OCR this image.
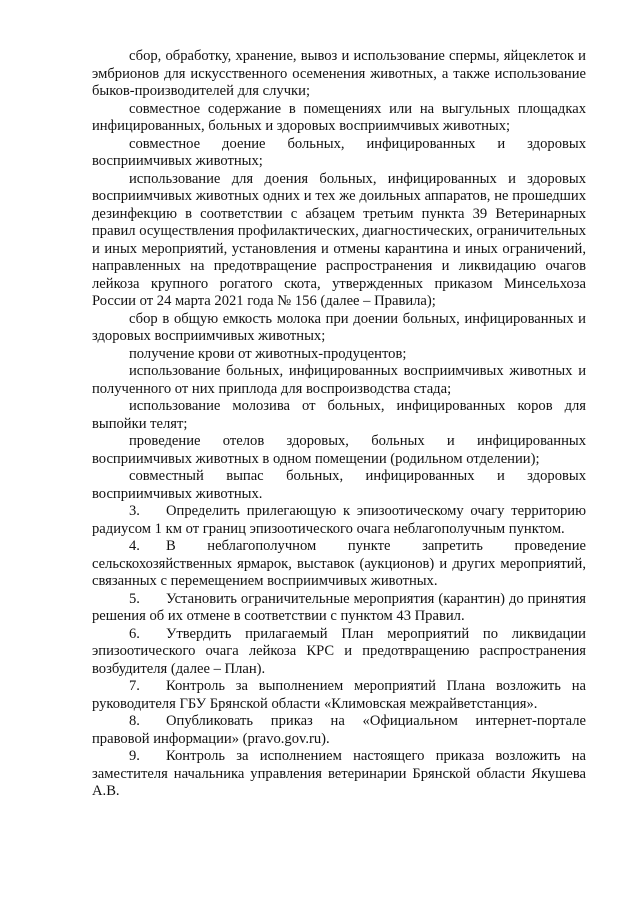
сбор, обработку, хранение, вывоз и использование спермы, яйцеклеток и эмбрионов для искусственного осеменения животных, а также использование быков-производителей для случки;

совместное содержание в помещениях или на выгульных площадках инфицированных, больных и здоровых восприимчивых животных;

совместное доение больных, инфицированных и здоровых восприимчивых животных;

использование для доения больных, инфицированных и здоровых восприимчивых животных одних и тех же доильных аппаратов, не прошедших дезинфекцию в соответствии с абзацем третьим пункта 39 Ветеринарных правил осуществления профилактических, диагностических, ограничительных и иных мероприятий, установления и отмены карантина и иных ограничений, направленных на предотвращение распространения и ликвидацию очагов лейкоза крупного рогатого скота, утвержденных приказом Минсельхоза России от 24 марта 2021 года № 156 (далее – Правила);

сбор в общую емкость молока при доении больных, инфицированных и здоровых восприимчивых животных;

получение крови от животных-продуцентов;

использование больных, инфицированных восприимчивых животных и полученного от них приплода для воспроизводства стада;

использование молозива от больных, инфицированных коров для выпойки телят;

проведение отелов здоровых, больных и инфицированных восприимчивых животных в одном помещении (родильном отделении);

совместный выпас больных, инфицированных и здоровых восприимчивых животных.

3. Определить прилегающую к эпизоотическому очагу территорию радиусом 1 км от границ эпизоотического очага неблагополучным пунктом.

4. В неблагополучном пункте запретить проведение сельскохозяйственных ярмарок, выставок (аукционов) и других мероприятий, связанных с перемещением восприимчивых животных.

5. Установить ограничительные мероприятия (карантин) до принятия решения об их отмене в соответствии с пунктом 43 Правил.

6. Утвердить прилагаемый План мероприятий по ликвидации эпизоотического очага лейкоза КРС и предотвращению распространения возбудителя (далее – План).

7. Контроль за выполнением мероприятий Плана возложить на руководителя ГБУ Брянской области «Климовская межрайветстанция».

8. Опубликовать приказ на «Официальном интернет-портале правовой информации» (pravo.gov.ru).

9. Контроль за исполнением настоящего приказа возложить на заместителя начальника управления ветеринарии Брянской области Якушева А.В.
